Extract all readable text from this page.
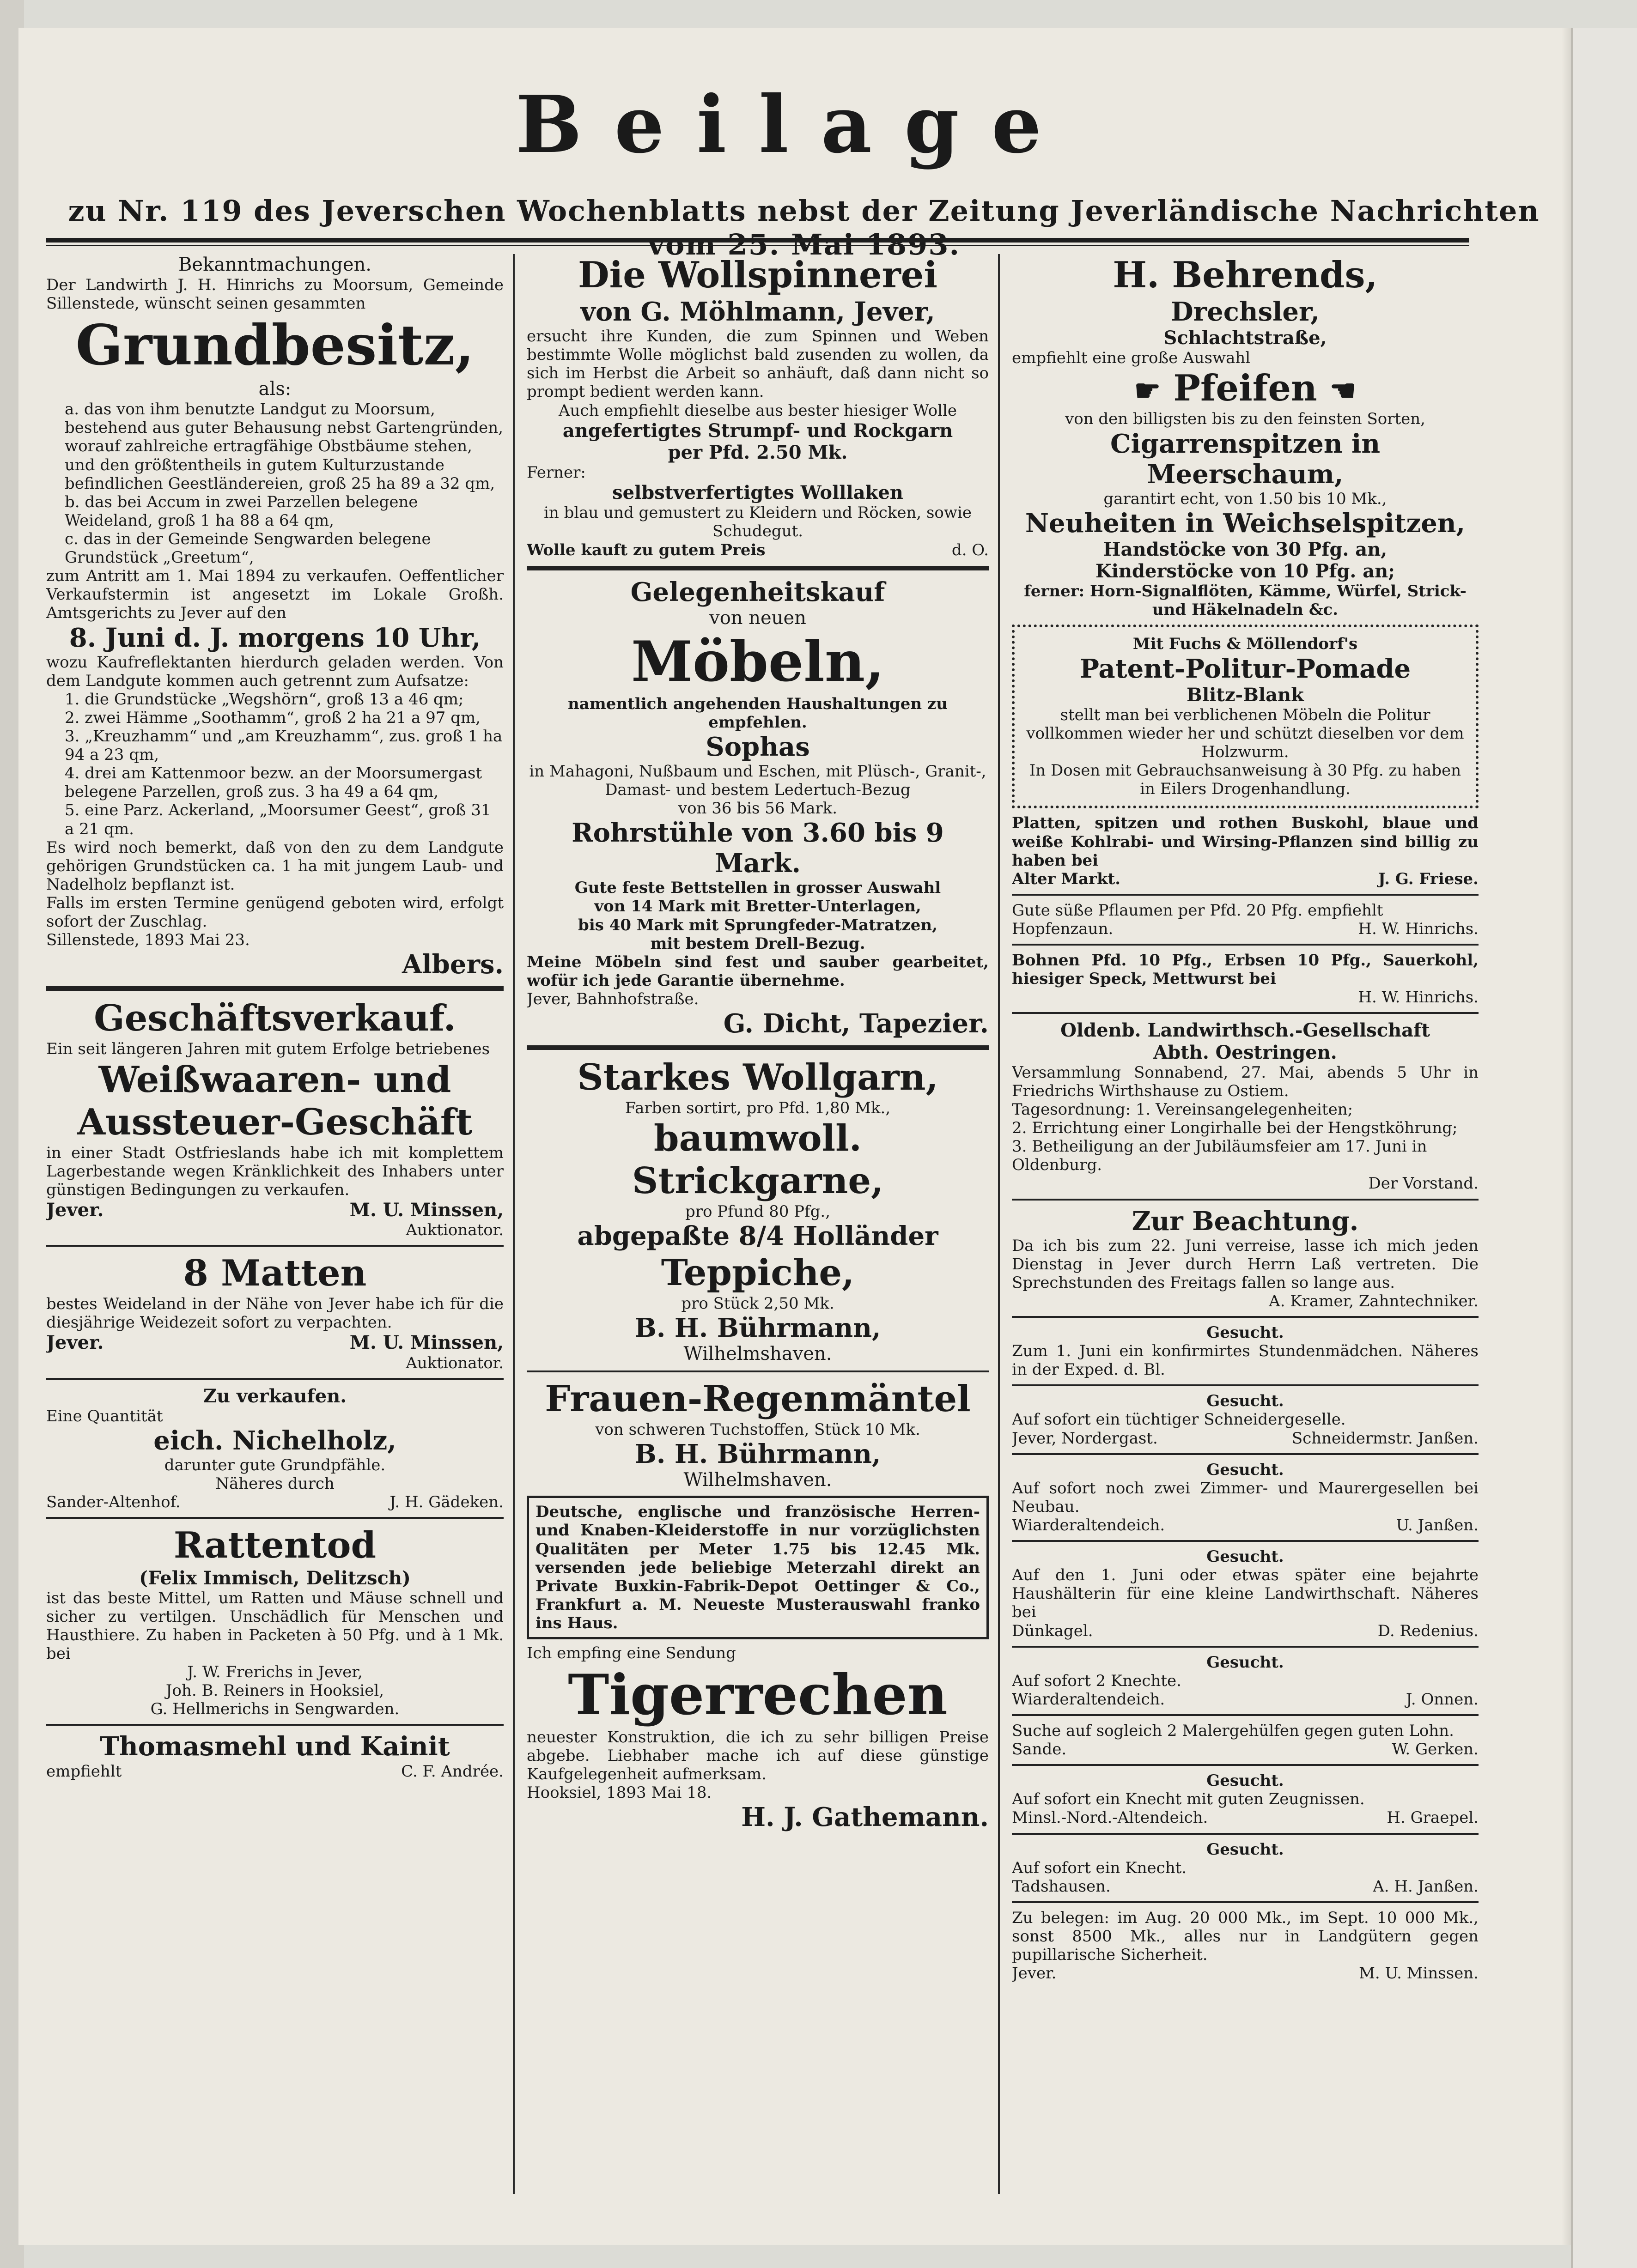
Beilage
zu Nr. 119 des Jeverschen Wochenblatts nebst der Zeitung Jeverländische Nachrichten

Bekanntmachungen.

Der Landwirth J. H. Hinrichs zu Moorsum, Gemeinde Sillenstede, wünscht seinen gesammten

Grundbesitz,

als:

a. das von ihm benutzte Landgut zu Moorsum, bestehend aus guter Behausung nebst Gartengründen, worauf zahlreiche ertragfähige Obstbäume stehen, und den größtentheils in gutem Kulturzustande befindlichen Geestländereien, groß 25 ha 89 a 32 qm,

b. das bei Accum in zwei Parzellen belegene Weideland, groß 1 ha 88 a 64 qm,

c. das in der Gemeinde Sengwarden belegene Grundstück „Greetum“,

zum Antritt am 1. Mai 1894 zu verkaufen. Oeffentlicher Verkaufstermin ist angesetzt im Lokale Großh. Amtsgerichts zu Jever auf den

8. Juni d. J. morgens 10 Uhr,

wozu Kaufreflektanten hierdurch geladen werden. Von dem Landgute kommen auch getrennt zum Aufsatze:

1. die Grundstücke „Wegshörn“, groß 13 a 46 qm;

2. zwei Hämme „Soothamm“, groß 2 ha 21 a 97 qm,

3. „Kreuzhamm“ und „am Kreuzhamm“, zus. groß 1 ha 94 a 23 qm,

4. drei am Kattenmoor bezw. an der Moorsumergast belegene Parzellen, groß zus. 3 ha 49 a 64 qm,

5. eine Parz. Ackerland, „Moorsumer Geest“, groß 31 a 21 qm.

Es wird noch bemerkt, daß von den zu dem Landgute gehörigen Grundstücken ca. 1 ha mit jungem Laub- und Nadelholz bepflanzt ist.

Falls im ersten Termine genügend geboten wird, erfolgt sofort der Zuschlag.

Sillenstede, 1893 Mai 23.

Albers.

Geschäftsverkauf.

Ein seit längeren Jahren mit gutem Erfolge betriebenes

Weißwaaren- und

Aussteuer-Geschäft

in einer Stadt Ostfrieslands habe ich mit komplettem Lagerbestande wegen Kränklichkeit des Inhabers unter günstigen Bedingungen zu verkaufen.

Jever.	M. U. Minssen,

Auktionator.

8 Matten

bestes Weideland in der Nähe von Jever habe ich für die diesjährige Weidezeit sofort zu verpachten.

Jever.	M. U. Minssen,

Auktionator.

Zu verkaufen.

Eine Quantität

eich. Nichelholz,

darunter gute Grundpfähle.

Näheres durch

Sander-Altenhof.	J. H. Gädeken.

Rattentod

(Felix Immisch, Delitzsch)

ist das beste Mittel, um Ratten und Mäuse schnell und sicher zu vertilgen. Unschädlich für Menschen und Hausthiere. Zu haben in Packeten à 50 Pfg. und à 1 Mk. bei

J. W. Frerichs in Jever,

Joh. B. Reiners in Hooksiel,

G. Hellmerichs in Sengwarden.

Thomasmehl und Kainit

empfiehlt	C. F. Andrée.

Die Wollspinnerei

von G. Möhlmann, Jever,

ersucht ihre Kunden, die zum Spinnen und Weben bestimmte Wolle möglichst bald zusenden zu wollen, da sich im Herbst die Arbeit so anhäuft, daß dann nicht so prompt bedient werden kann.

Auch empfiehlt dieselbe aus bester hiesiger Wolle

angefertigtes Strumpf- und Rockgarn

per Pfd. 2.50 Mk.

Ferner:

selbstverfertigtes Wolllaken

in blau und gemustert zu Kleidern und Röcken, sowie Schudegut.

Wolle kauft zu gutem Preis	d. O.

Gelegenheitskauf

von neuen

Möbeln,

namentlich angehenden Haushaltungen zu empfehlen.

Sophas

in Mahagoni, Nußbaum und Eschen, mit Plüsch-, Granit-, Damast- und bestem Ledertuch-Bezug

von 36 bis 56 Mark.

Rohrstühle von 3.60 bis 9 Mark.

Gute feste Bettstellen in grosser Auswahl

von 14 Mark mit Bretter-Unterlagen,

bis 40 Mark mit Sprungfeder-Matratzen,

mit bestem Drell-Bezug.

Meine Möbeln sind fest und sauber gearbeitet, wofür ich jede Garantie übernehme.

Jever, Bahnhofstraße.

G. Dicht, Tapezier.

Starkes Wollgarn,

Farben sortirt, pro Pfd. 1,80 Mk.,

baumwoll. Strickgarne,

pro Pfund 80 Pfg.,

abgepaßte 8/4 Holländer

Teppiche,

pro Stück 2,50 Mk.

B. H. Bührmann,

Wilhelmshaven.

Frauen-Regenmäntel

von schweren Tuchstoffen, Stück 10 Mk.

B. H. Bührmann,

Wilhelmshaven.

Deutsche, englische und französische Herren- und Knaben-Kleiderstoffe in nur vorzüglichsten Qualitäten per Meter 1.75 bis 12.45 Mk. versenden jede beliebige Meterzahl direkt an Private Buxkin-Fabrik-Depot Oettinger & Co., Frankfurt a. M. Neueste Musterauswahl franko ins Haus.

Ich empfing eine Sendung

Tigerrechen

neuester Konstruktion, die ich zu sehr billigen Preise abgebe. Liebhaber mache ich auf diese günstige Kaufgelegenheit aufmerksam.

Hooksiel, 1893 Mai 18.

H. J. Gathemann.

H. Behrends,

Drechsler,

Schlachtstraße,

empfiehlt eine große Auswahl

☛ Pfeifen ☚

von den billigsten bis zu den feinsten Sorten,

Cigarrenspitzen in Meerschaum,

garantirt echt, von 1.50 bis 10 Mk.,

Neuheiten in Weichselspitzen,

Handstöcke von 30 Pfg. an,

Kinderstöcke von 10 Pfg. an;

ferner: Horn-Signalflöten, Kämme, Würfel, Strick- und Häkelnadeln &c.

Mit Fuchs & Möllendorf's

Patent-Politur-Pomade

Blitz-Blank

stellt man bei verblichenen Möbeln die Politur vollkommen wieder her und schützt dieselben vor dem Holzwurm.

In Dosen mit Gebrauchsanweisung à 30 Pfg. zu haben in Eilers Drogenhandlung.

Platten, spitzen und rothen Buskohl, blaue und weiße Kohlrabi- und Wirsing-Pflanzen sind billig zu haben bei

Alter Markt.	J. G. Friese.

Gute süße Pflaumen per Pfd. 20 Pfg. empfiehlt

Hopfenzaun.	H. W. Hinrichs.

Bohnen Pfd. 10 Pfg., Erbsen 10 Pfg., Sauerkohl, hiesiger Speck, Mettwurst bei

H. W. Hinrichs.

Oldenb. Landwirthsch.-Gesellschaft

Abth. Oestringen.

Versammlung Sonnabend, 27. Mai, abends 5 Uhr in Friedrichs Wirthshause zu Ostiem.

Tagesordnung: 1. Vereinsangelegenheiten;

2. Errichtung einer Longirhalle bei der Hengstköhrung;

3. Betheiligung an der Jubiläumsfeier am 17. Juni in Oldenburg.

Der Vorstand.

Zur Beachtung.

Da ich bis zum 22. Juni verreise, lasse ich mich jeden Dienstag in Jever durch Herrn Laß vertreten. Die Sprechstunden des Freitags fallen so lange aus.

A. Kramer, Zahntechniker.

Gesucht.

Zum 1. Juni ein konfirmirtes Stundenmädchen. Näheres in der Exped. d. Bl.

Gesucht.

Auf sofort ein tüchtiger Schneidergeselle.

Jever, Nordergast.	Schneidermstr. Janßen.

Gesucht.

Auf sofort noch zwei Zimmer- und Maurergesellen bei Neubau.

Wiarderaltendeich.	U. Janßen.

Gesucht.

Auf den 1. Juni oder etwas später eine bejahrte Haushälterin für eine kleine Landwirthschaft. Näheres bei

Dünkagel.	D. Redenius.

Gesucht.

Auf sofort 2 Knechte.

Wiarderaltendeich.	J. Onnen.

Suche auf sogleich 2 Malergehülfen gegen guten Lohn.

Sande.	W. Gerken.

Gesucht.

Auf sofort ein Knecht mit guten Zeugnissen.

Minsl.-Nord.-Altendeich.	H. Graepel.

Gesucht.

Auf sofort ein Knecht.

Tadshausen.	A. H. Janßen.

Zu belegen: im Aug. 20 000 Mk., im Sept. 10 000 Mk., sonst 8500 Mk., alles nur in Landgütern gegen pupillarische Sicherheit.

Jever.	M. U. Minssen.
